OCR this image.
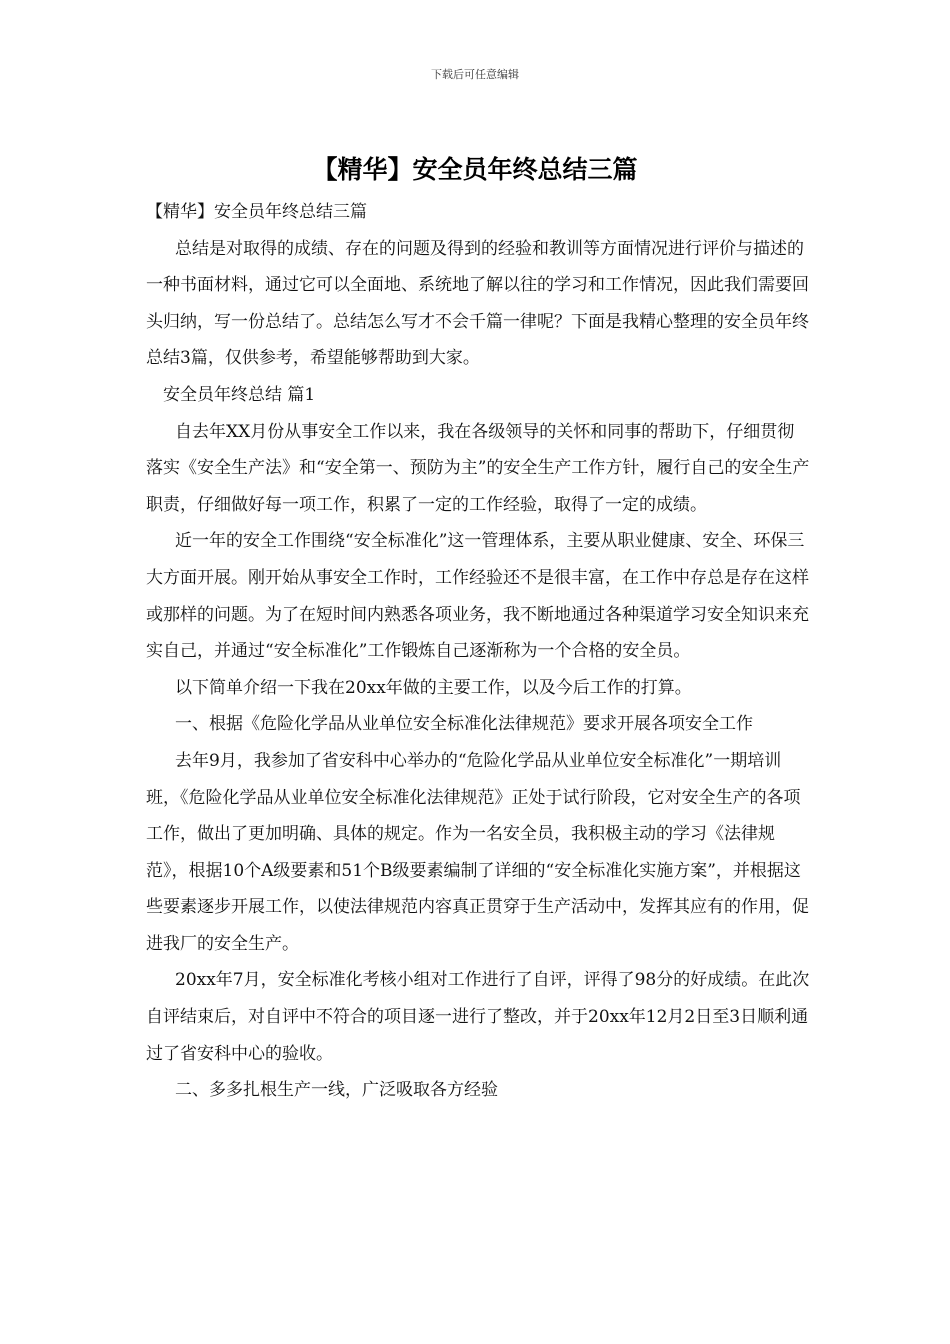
下载后可任意编辑
【精华】安全员年终总结三篇

【精华】安全员年终总结三篇

总结是对取得的成绩、存在的问题及得到的经验和教训等方面情况进行评价与描述的一种书面材料，通过它可以全面地、系统地了解以往的学习和工作情况，因此我们需要回头归纳，写一份总结了。总结怎么写才不会千篇一律呢？下面是我精心整理的安全员年终总结3篇，仅供参考，希望能够帮助到大家。

安全员年终总结 篇1

自去年XX月份从事安全工作以来，我在各级领导的关怀和同事的帮助下，仔细贯彻落实《安全生产法》和“安全第一、预防为主”的安全生产工作方针，履行自己的安全生产职责，仔细做好每一项工作，积累了一定的工作经验，取得了一定的成绩。

近一年的安全工作围绕“安全标准化”这一管理体系，主要从职业健康、安全、环保三大方面开展。刚开始从事安全工作时，工作经验还不是很丰富，在工作中存总是存在这样或那样的问题。为了在短时间内熟悉各项业务，我不断地通过各种渠道学习安全知识来充实自己，并通过“安全标准化”工作锻炼自己逐渐称为一个合格的安全员。

以下简单介绍一下我在20xx年做的主要工作，以及今后工作的打算。

一、根据《危险化学品从业单位安全标准化法律规范》要求开展各项安全工作

去年9月，我参加了省安科中心举办的“危险化学品从业单位安全标准化”一期培训班，《危险化学品从业单位安全标准化法律规范》正处于试行阶段，它对安全生产的各项工作，做出了更加明确、具体的规定。作为一名安全员，我积极主动的学习《法律规范》，根据10个A级要素和51个B级要素编制了详细的“安全标准化实施方案”，并根据这些要素逐步开展工作，以使法律规范内容真正贯穿于生产活动中，发挥其应有的作用，促进我厂的安全生产。

20xx年7月，安全标准化考核小组对工作进行了自评，评得了98分的好成绩。在此次自评结束后，对自评中不符合的项目逐一进行了整改，并于20xx年12月2日至3日顺利通过了省安科中心的验收。

二、多多扎根生产一线，广泛吸取各方经验
